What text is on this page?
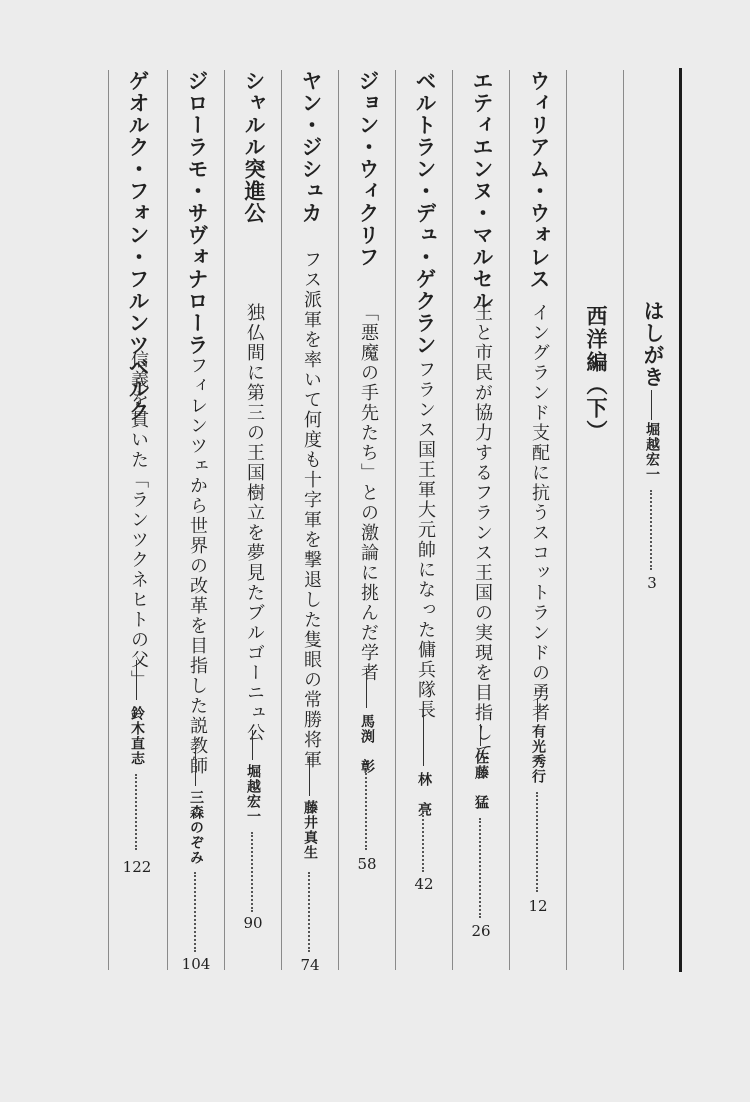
はしがき
堀越宏一
3
西洋編（下）
ウィリアム・ウォレス
イングランド支配に抗うスコットランドの勇者
有光秀行
12
エティエンヌ・マルセル
王と市民が協力するフランス王国の実現を目指して
佐藤　猛
26
ベルトラン・デュ・ゲクラン
フランス国王軍大元帥になった傭兵隊長
林　亮
42
ジョン・ウィクリフ
「悪魔の手先たち」との激論に挑んだ学者
馬渕　彰
58
ヤン・ジシュカ
フス派軍を率いて何度も十字軍を撃退した隻眼の常勝将軍
藤井真生
74
シャルル突進公
独仏間に第三の王国樹立を夢見たブルゴーニュ公
堀越宏一
90
ジローラモ・サヴォナローラ
フィレンツェから世界の改革を目指した説教師
三森のぞみ
104
ゲオルク・フォン・フルンツベルク
信義を貫いた「ランツクネヒトの父」
鈴木直志
122
